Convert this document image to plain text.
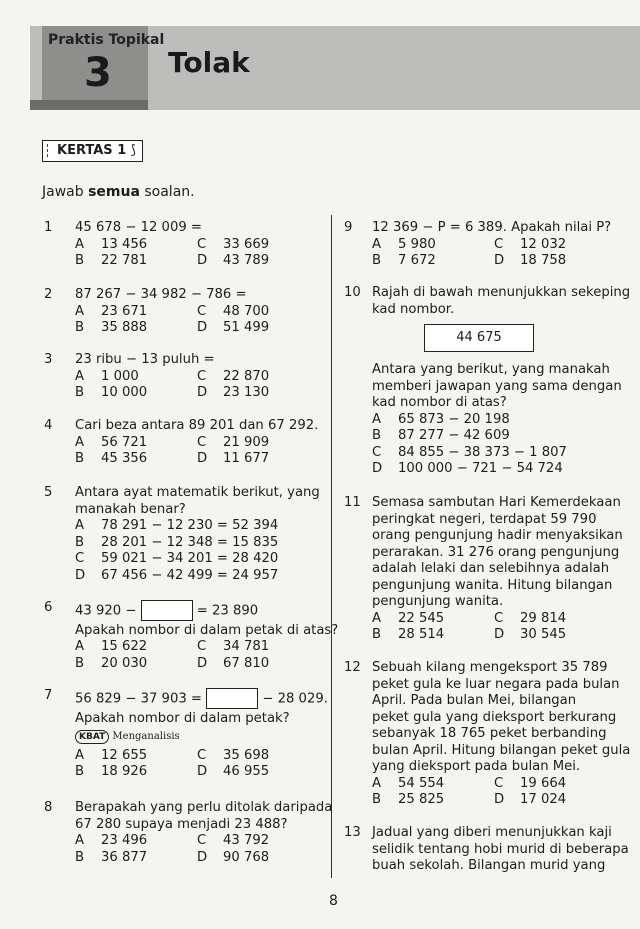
Praktis Topikal
3 Tolak
KERTAS 1 ⟆
Jawab semua soalan.
1	45 678 − 12 009 =
A 13 456	C 33 669
B 22 781	D 43 789
2	87 267 − 34 982 − 786 =
A 23 671	C 48 700
B 35 888	D 51 499
3	23 ribu − 13 puluh =
A 1 000	C 22 870
B 10 000	D 23 130
4	Cari beza antara 89 201 dan 67 292.
A 56 721	C 21 909
B 45 356	D 11 677
5	Antara ayat matematik berikut, yang
manakah benar?
A 78 291 − 12 230 = 52 394
B 28 201 − 12 348 = 15 835
C 59 021 − 34 201 = 28 420
D 67 456 − 42 499 = 24 957
6	43 920 −	= 23 890
Apakah nombor di dalam petak di atas?
A 15 622	C 34 781
B 20 030	D 67 810
7	56 829 − 37 903 =	− 28 029.
Apakah nombor di dalam petak?
KBAT Menganalisis
A 12 655	C 35 698
B 18 926	D 46 955
8	Berapakah yang perlu ditolak daripada
67 280 supaya menjadi 23 488?
A 23 496	C 43 792
B 36 877	D 90 768
9	12 369 − P = 6 389. Apakah nilai P?
A 5 980	C 12 032
B 7 672	D 18 758
10 Rajah di bawah menunjukkan sekeping
kad nombor.
44 675
Antara yang berikut, yang manakah
memberi jawapan yang sama dengan
kad nombor di atas?
A 65 873 − 20 198
B 87 277 − 42 609
C 84 855 − 38 373 − 1 807
D 100 000 − 721 − 54 724
11 Semasa sambutan Hari Kemerdekaan
peringkat negeri, terdapat 59 790
orang pengunjung hadir menyaksikan
perarakan. 31 276 orang pengunjung
adalah lelaki dan selebihnya adalah
pengunjung wanita. Hitung bilangan
pengunjung wanita.
A 22 545	C 29 814
B 28 514	D 30 545
12 Sebuah kilang mengeksport 35 789
peket gula ke luar negara pada bulan
April. Pada bulan Mei, bilangan
peket gula yang dieksport berkurang
sebanyak 18 765 peket berbanding
bulan April. Hitung bilangan peket gula
yang dieksport pada bulan Mei.
A 54 554	C 19 664
B 25 825	D 17 024
13 Jadual yang diberi menunjukkan kaji
selidik tentang hobi murid di beberapa
buah sekolah. Bilangan murid yang
8
